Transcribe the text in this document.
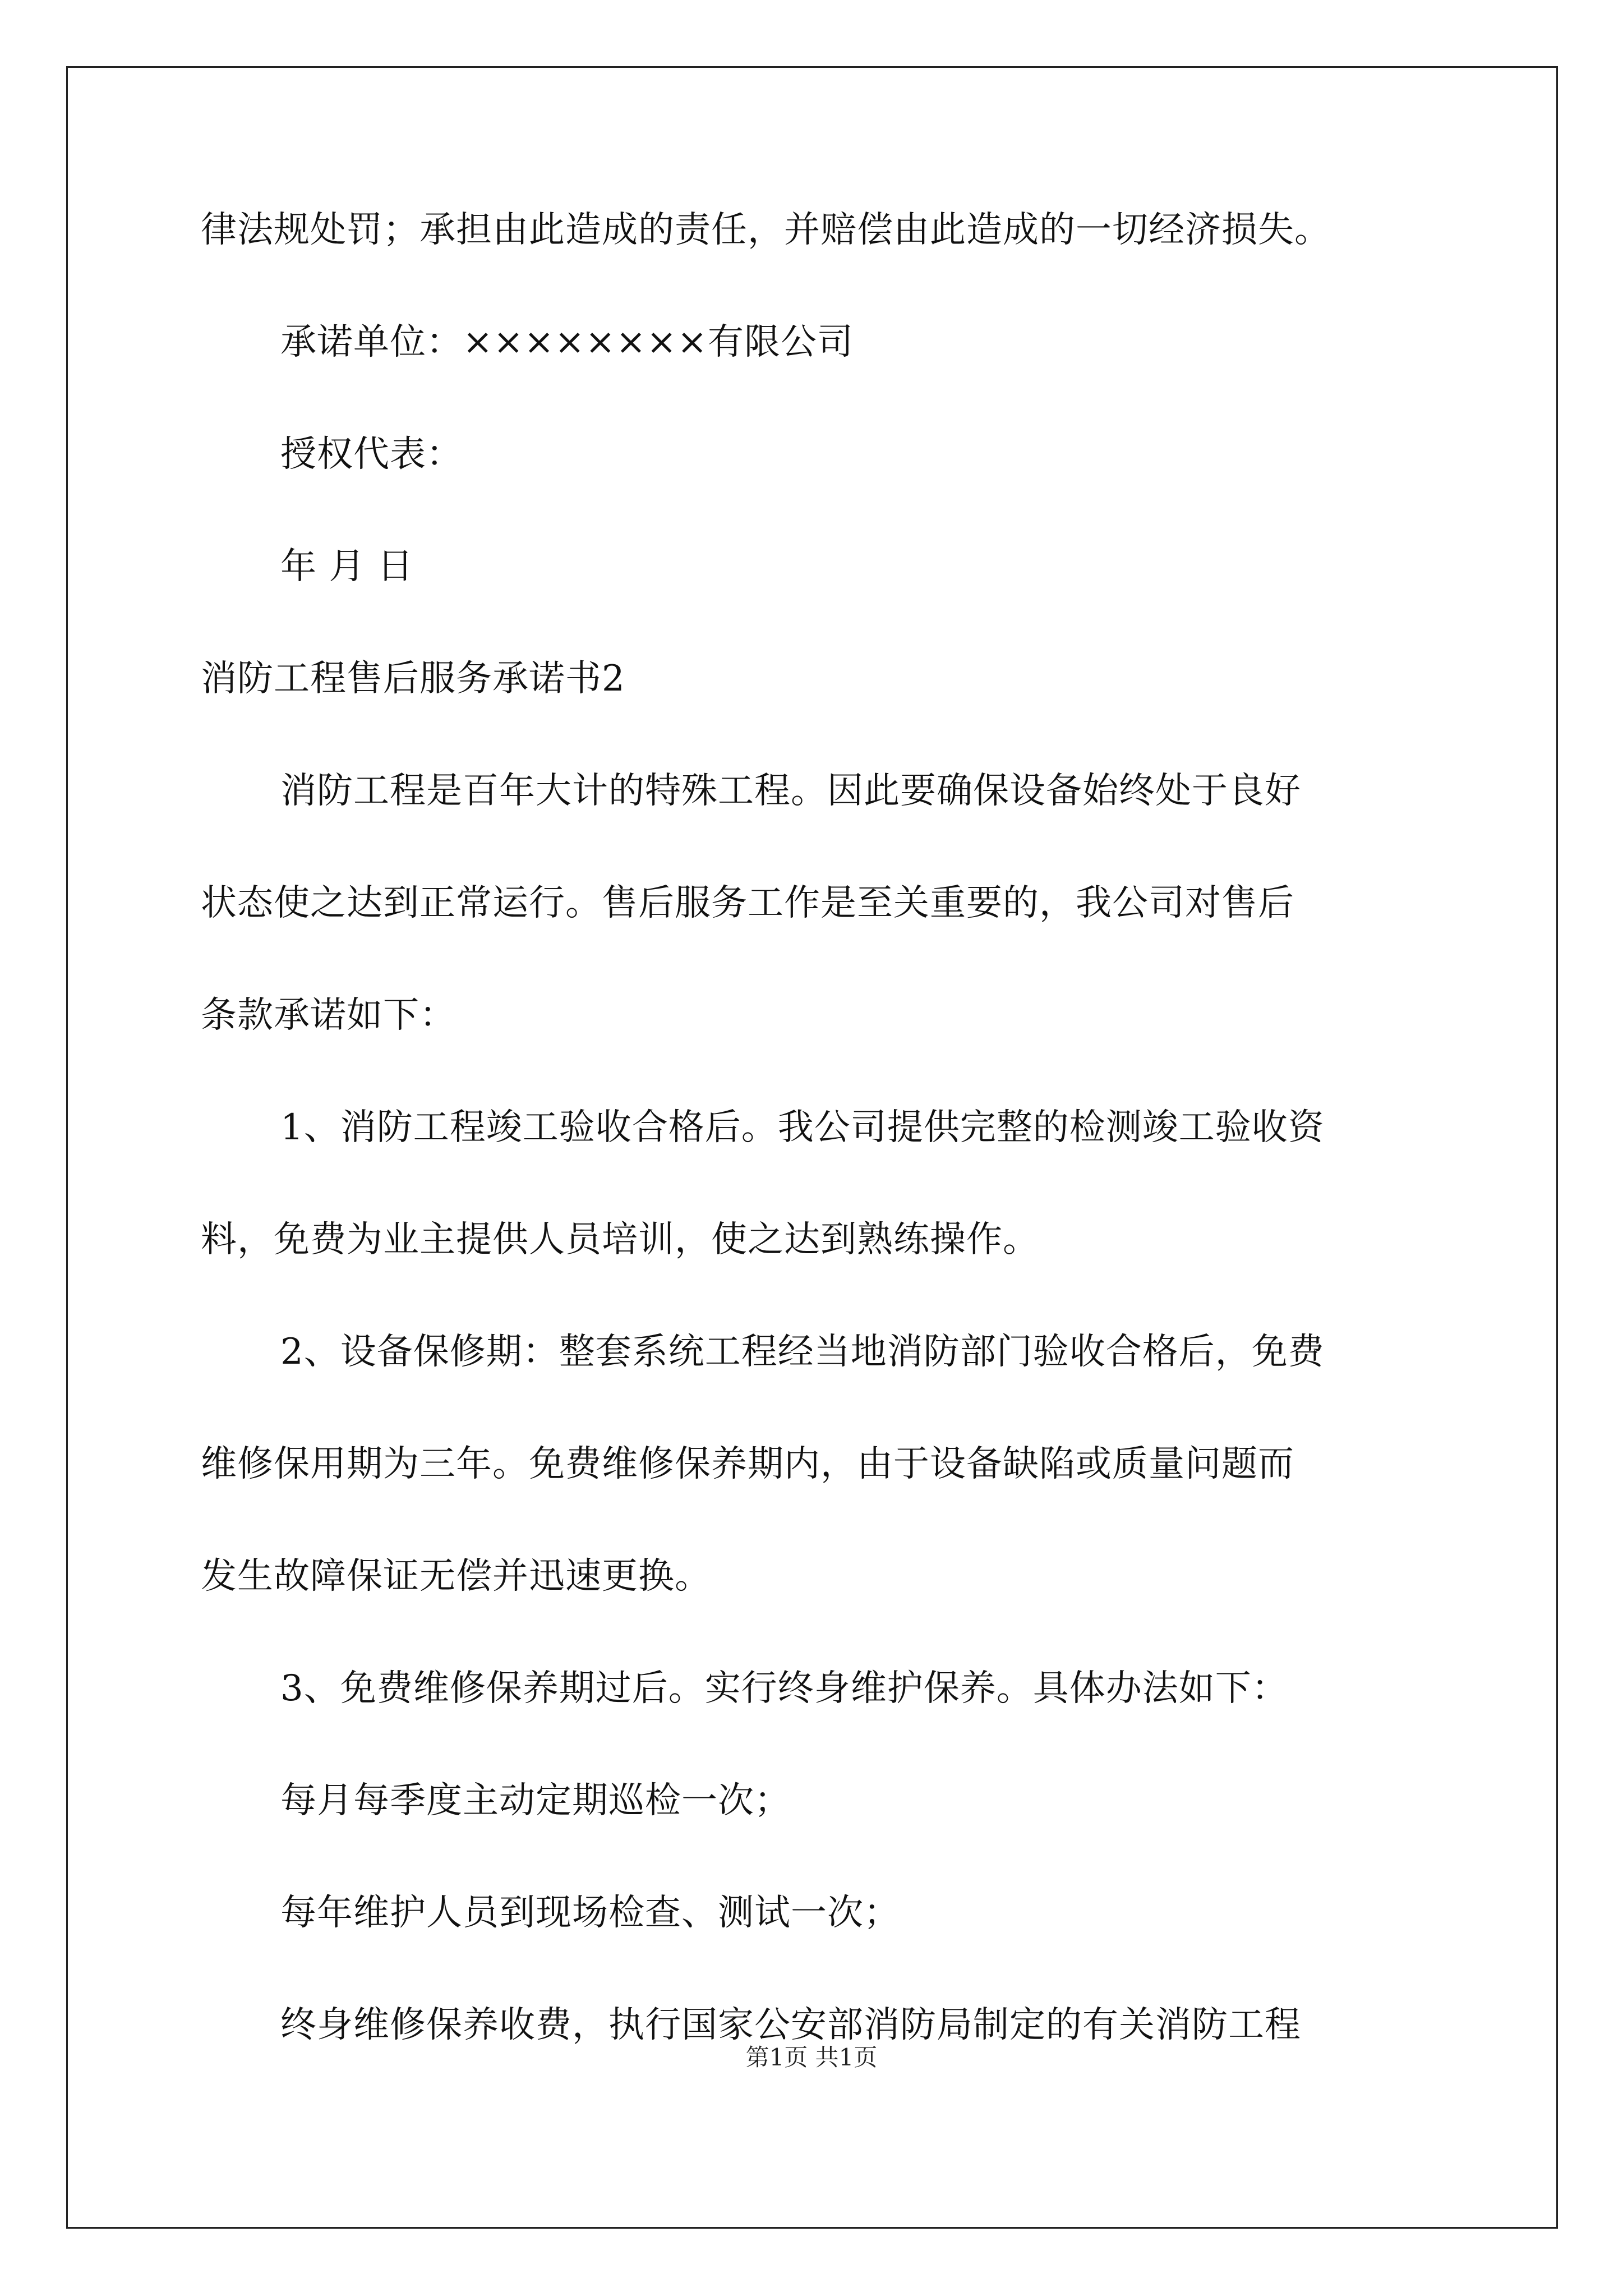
律法规处罚；承担由此造成的责任，并赔偿由此造成的一切经济损失。
承诺单位：××××××××有限公司
授权代表：
年 月 日
消防工程售后服务承诺书2
消防工程是百年大计的特殊工程。因此要确保设备始终处于良好
状态使之达到正常运行。售后服务工作是至关重要的，我公司对售后
条款承诺如下：
1、消防工程竣工验收合格后。我公司提供完整的检测竣工验收资
料，免费为业主提供人员培训，使之达到熟练操作。
2、设备保修期：整套系统工程经当地消防部门验收合格后，免费
维修保用期为三年。免费维修保养期内，由于设备缺陷或质量问题而
发生故障保证无偿并迅速更换。
3、免费维修保养期过后。实行终身维护保养。具体办法如下：
每月每季度主动定期巡检一次；
每年维护人员到现场检查、测试一次；
终身维修保养收费，执行国家公安部消防局制定的有关消防工程
第1页 共1页
